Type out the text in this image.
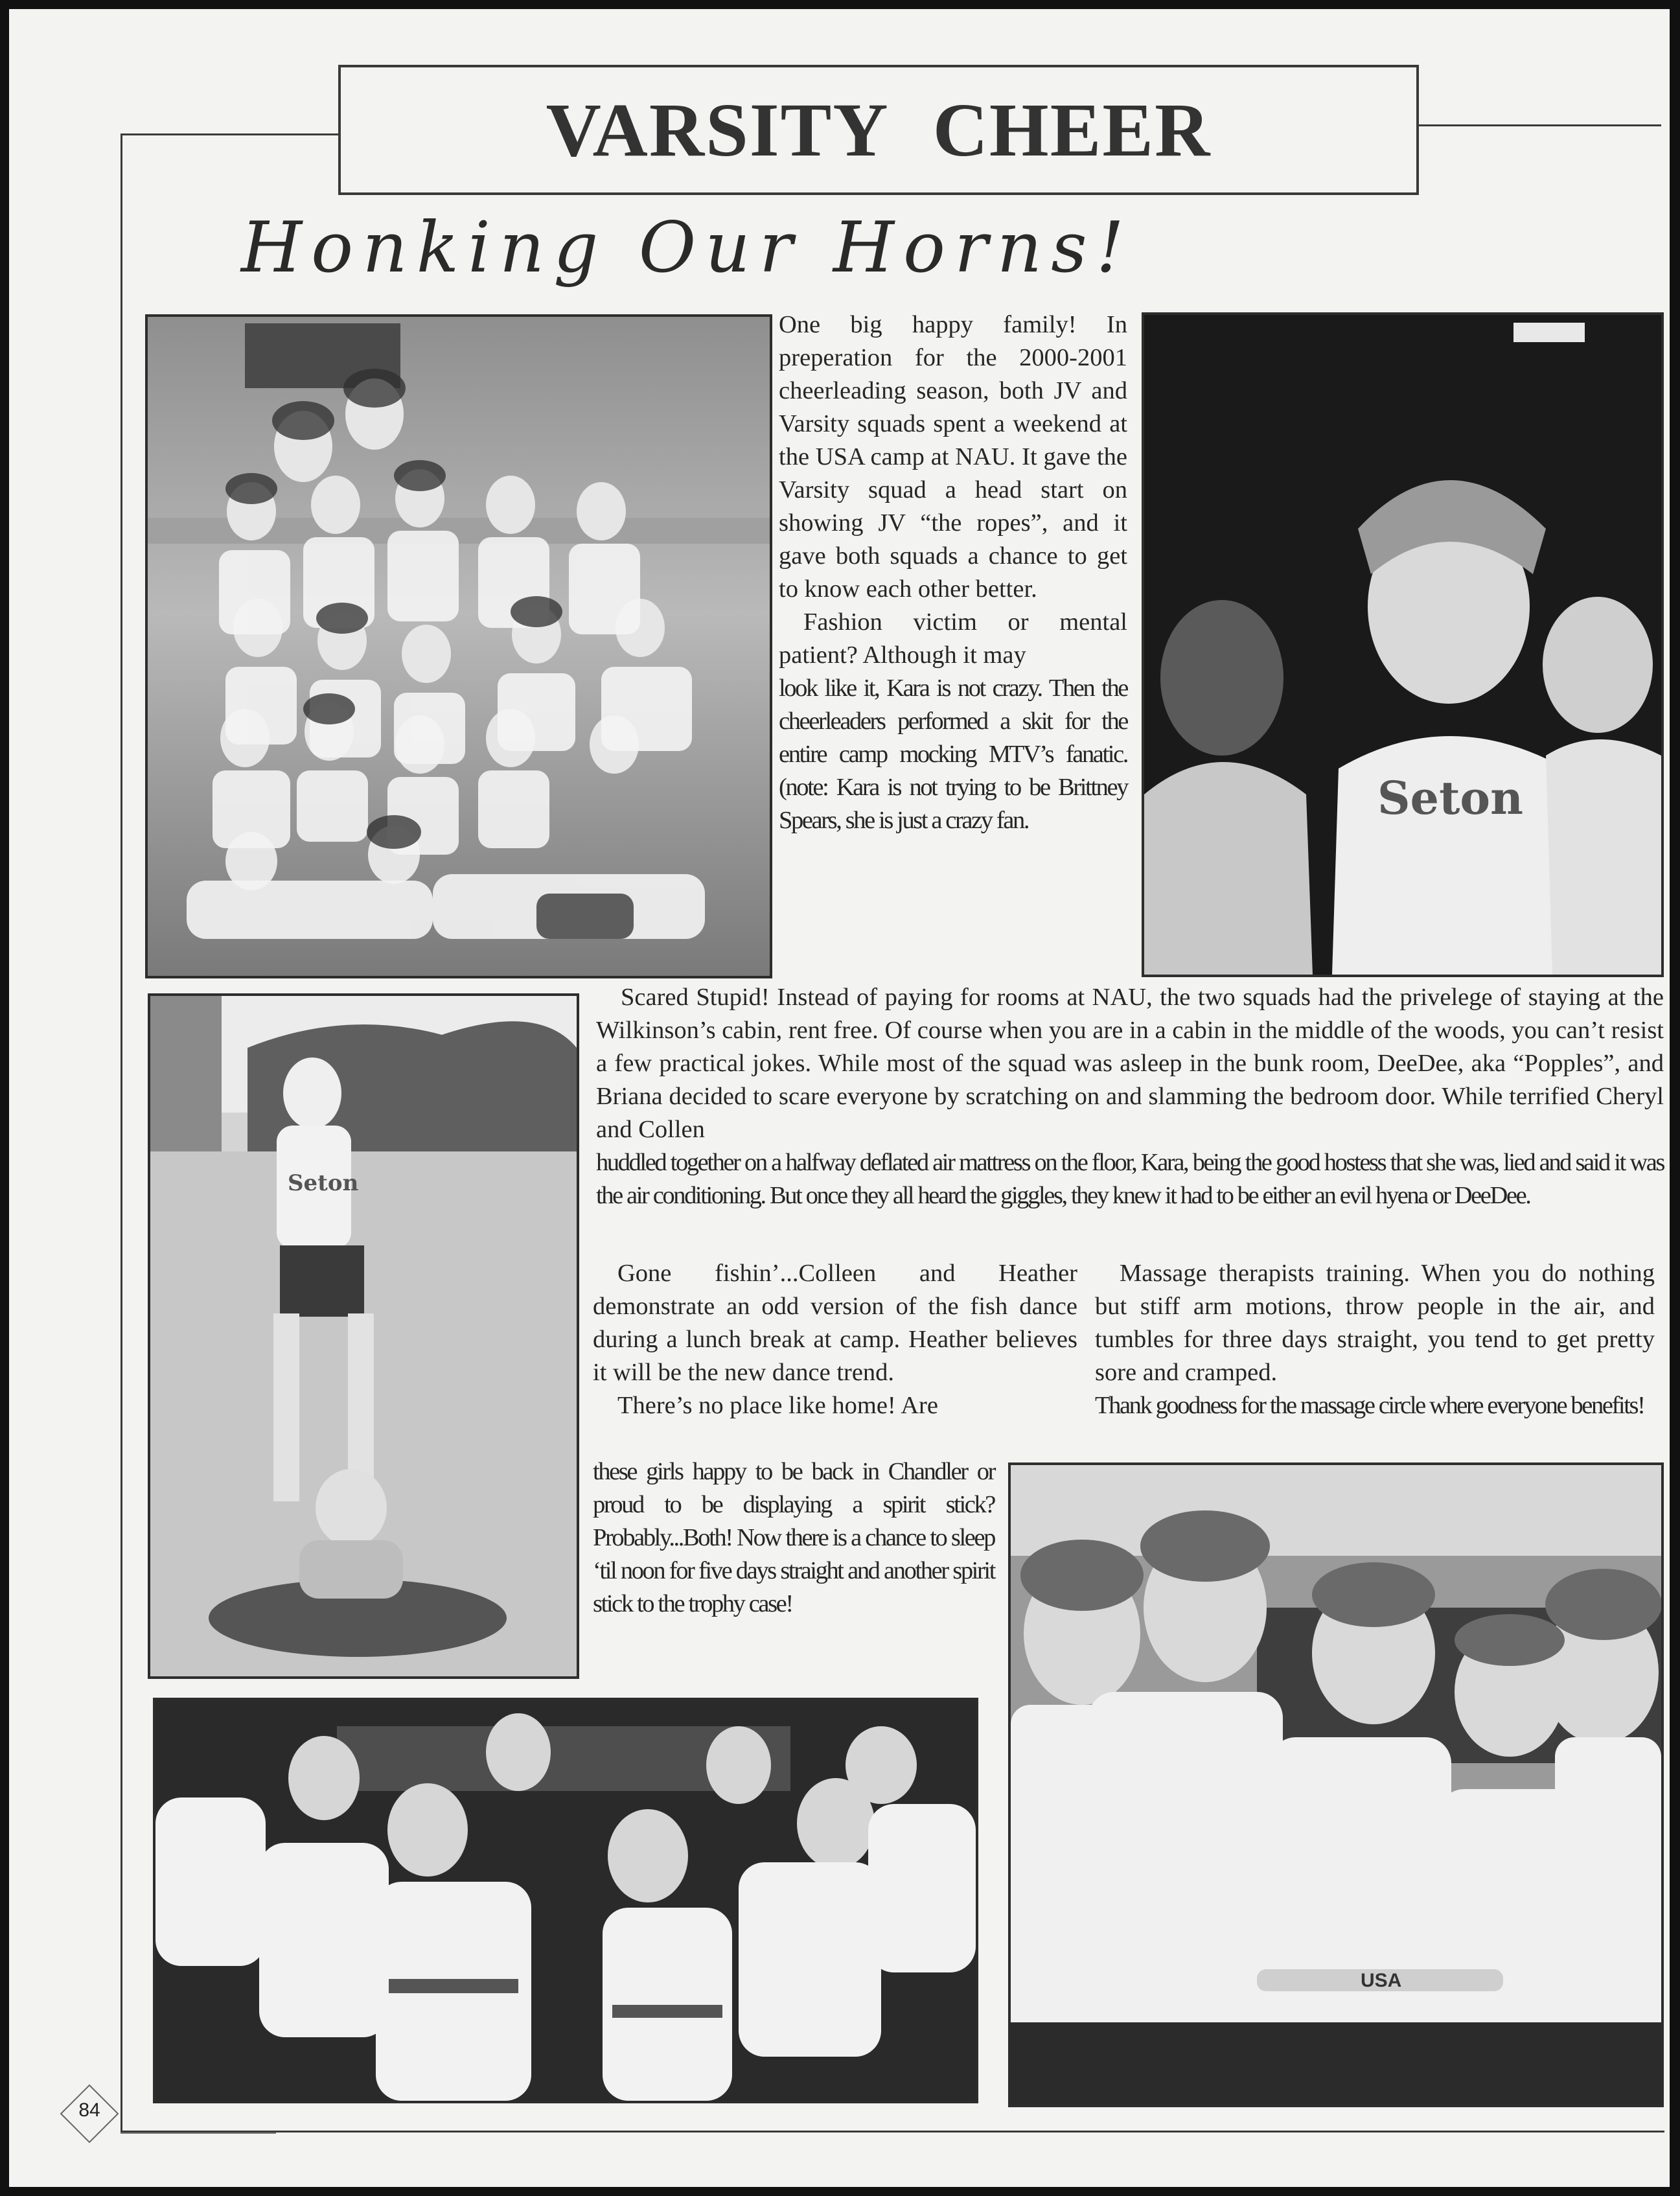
VARSITY CHEER
Honking Our Horns!

One big happy family! In preperation for the 2000-2001 cheerleading season, both JV and Varsity squads spent a weekend at the USA camp at NAU. It gave the Varsity squad a head start on showing JV “the ropes”, and it gave both squads a chance to get to know each other better.

Fashion victim or mental patient? Although it may

look like it, Kara is not crazy. Then the cheerleaders performed a skit for the entire camp mocking MTV’s fanatic. (note: Kara is not trying to be Brittney Spears, she is just a crazy fan.	Seton
Seton

Scared Stupid! Instead of paying for rooms at NAU, the two squads had the privelege of staying at the Wilkinson’s cabin, rent free. Of course when you are in a cabin in the middle of the woods, you can’t resist a few practical jokes. While most of the squad was asleep in the bunk room, DeeDee, aka “Popples”, and Briana decided to scare everyone by scratching on and slamming the bedroom door. While terrified Cheryl and Collen

huddled together on a halfway deflated air mattress on the floor, Kara, being the good hostess that she was, lied and said it was the air conditioning. But once they all heard the giggles, they knew it had to be either an evil hyena or DeeDee.

Gone fishin’...Colleen and Heather demonstrate an odd version of the fish dance during a lunch break at camp. Heather believes it will be the new dance trend.

There’s no place like home! Are

these girls happy to be back in Chandler or proud to be displaying a spirit stick? Probably...Both! Now there is a chance to sleep ‘til noon for five days straight and another spirit stick to the trophy case!

Massage therapists training. When you do nothing but stiff arm motions, throw people in the air, and tumbles for three days straight, you tend to get pretty sore and cramped.

Thank goodness for the massage circle where everyone benefits!

USA
84
